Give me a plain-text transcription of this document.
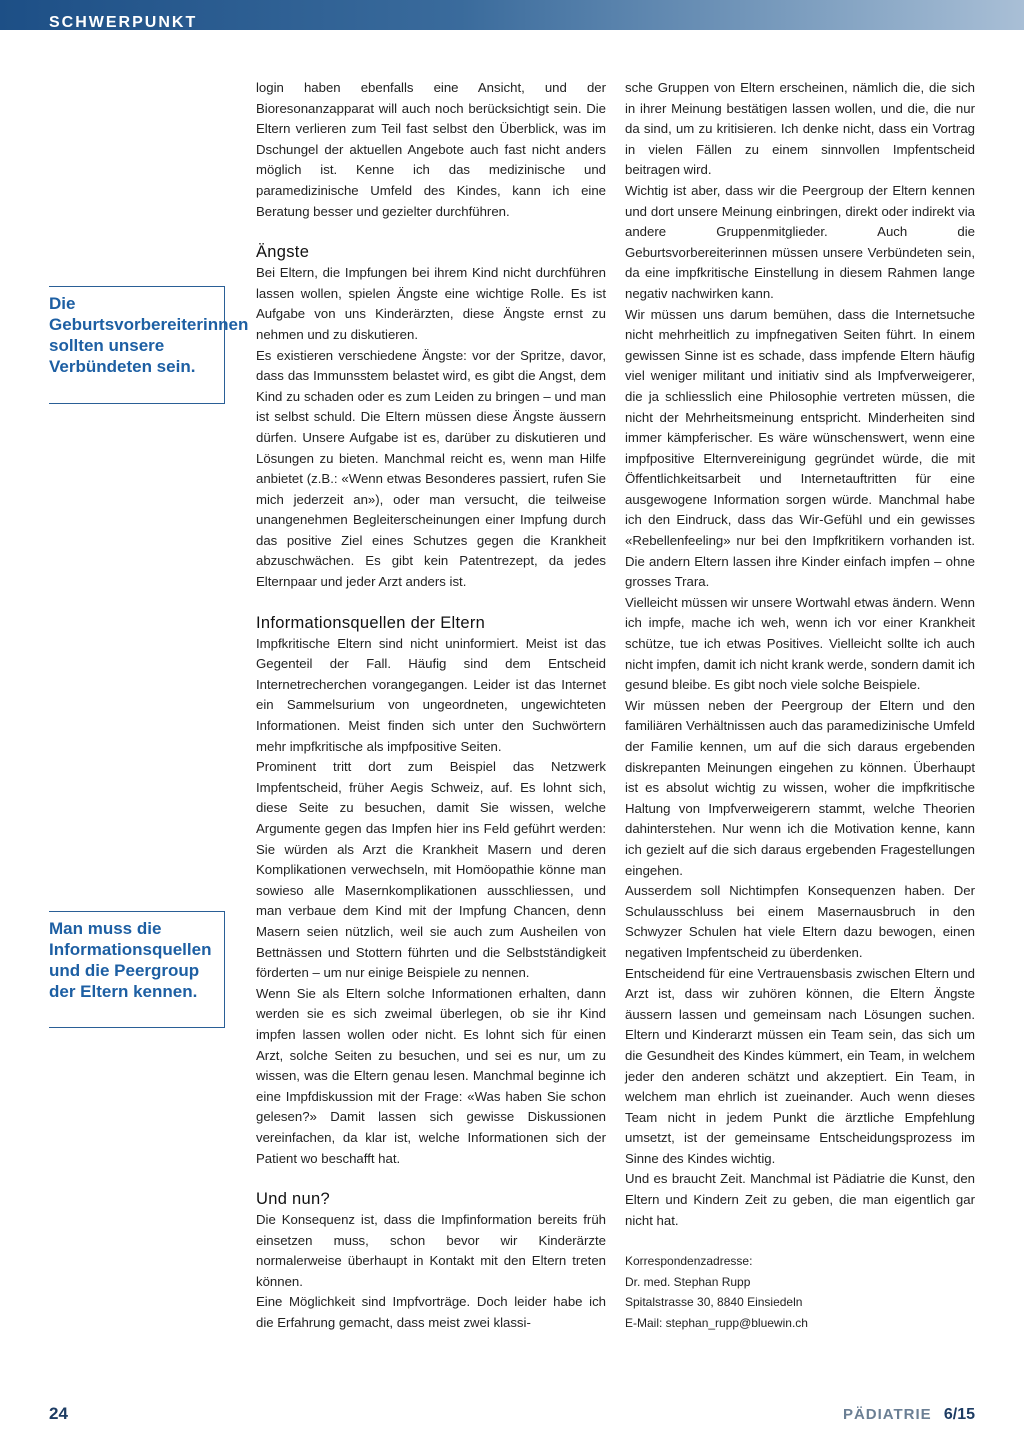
SCHWERPUNKT
Die Geburtsvorbereiterinnen sollten unsere Verbündeten sein.
Man muss die Informationsquellen und die Peergroup der Eltern kennen.

login haben ebenfalls eine Ansicht, und der Bioresonanzapparat will auch noch berücksichtigt sein. Die Eltern verlieren zum Teil fast selbst den Überblick, was im Dschungel der aktuellen Angebote auch fast nicht anders möglich ist. Kenne ich das medizinische und paramedizinische Umfeld des Kindes, kann ich eine Beratung besser und gezielter durchführen.

Ängste

Bei Eltern, die Impfungen bei ihrem Kind nicht durchführen lassen wollen, spielen Ängste eine wichtige Rolle. Es ist Aufgabe von uns Kinderärzten, diese Ängste ernst zu nehmen und zu diskutieren.

Es existieren verschiedene Ängste: vor der Spritze, davor, dass das Immunsstem belastet wird, es gibt die Angst, dem Kind zu schaden oder es zum Leiden zu bringen – und man ist selbst schuld. Die Eltern müssen diese Ängste äussern dürfen. Unsere Aufgabe ist es, darüber zu diskutieren und Lösungen zu bieten. Manchmal reicht es, wenn man Hilfe anbietet (z.B.: «Wenn etwas Besonderes passiert, rufen Sie mich jederzeit an»), oder man versucht, die teilweise unangenehmen Begleiterscheinungen einer Impfung durch das positive Ziel eines Schutzes gegen die Krankheit abzuschwächen. Es gibt kein Patentrezept, da jedes Elternpaar und jeder Arzt anders ist.

Informationsquellen der Eltern

Impfkritische Eltern sind nicht uninformiert. Meist ist das Gegenteil der Fall. Häufig sind dem Entscheid Internetrecherchen vorangegangen. Leider ist das Internet ein Sammelsurium von ungeordneten, ungewichteten Informationen. Meist finden sich unter den Suchwörtern mehr impfkritische als impfpositive Seiten.

Prominent tritt dort zum Beispiel das Netzwerk Impfentscheid, früher Aegis Schweiz, auf. Es lohnt sich, diese Seite zu besuchen, damit Sie wissen, welche Argumente gegen das Impfen hier ins Feld geführt werden: Sie würden als Arzt die Krankheit Masern und deren Komplikationen verwechseln, mit Homöopathie könne man sowieso alle Masernkomplikationen ausschliessen, und man verbaue dem Kind mit der Impfung Chancen, denn Masern seien nützlich, weil sie auch zum Ausheilen von Bettnässen und Stottern führten und die Selbstständigkeit förderten – um nur einige Beispiele zu nennen.

Wenn Sie als Eltern solche Informationen erhalten, dann werden sie es sich zweimal überlegen, ob sie ihr Kind impfen lassen wollen oder nicht. Es lohnt sich für einen Arzt, solche Seiten zu besuchen, und sei es nur, um zu wissen, was die Eltern genau lesen. Manchmal beginne ich eine Impfdiskussion mit der Frage: «Was haben Sie schon gelesen?» Damit lassen sich gewisse Diskussionen vereinfachen, da klar ist, welche Informationen sich der Patient wo beschafft hat.

Und nun?

Die Konsequenz ist, dass die Impfinformation bereits früh einsetzen muss, schon bevor wir Kinderärzte normalerweise überhaupt in Kontakt mit den Eltern treten können.

Eine Möglichkeit sind Impfvorträge. Doch leider habe ich die Erfahrung gemacht, dass meist zwei klassi-

sche Gruppen von Eltern erscheinen, nämlich die, die sich in ihrer Meinung bestätigen lassen wollen, und die, die nur da sind, um zu kritisieren. Ich denke nicht, dass ein Vortrag in vielen Fällen zu einem sinnvollen Impfentscheid beitragen wird.

Wichtig ist aber, dass wir die Peergroup der Eltern kennen und dort unsere Meinung einbringen, direkt oder indirekt via andere Gruppenmitglieder. Auch die Geburtsvorbereiterinnen müssen unsere Verbündeten sein, da eine impfkritische Einstellung in diesem Rahmen lange negativ nachwirken kann.

Wir müssen uns darum bemühen, dass die Internetsuche nicht mehrheitlich zu impfnegativen Seiten führt. In einem gewissen Sinne ist es schade, dass impfende Eltern häufig viel weniger militant und initiativ sind als Impfverweigerer, die ja schliesslich eine Philosophie vertreten müssen, die nicht der Mehrheitsmeinung entspricht. Minderheiten sind immer kämpferischer. Es wäre wünschenswert, wenn eine impfpositive Elternvereinigung gegründet würde, die mit Öffentlichkeitsarbeit und Internetauftritten für eine ausgewogene Information sorgen würde. Manchmal habe ich den Eindruck, dass das Wir-Gefühl und ein gewisses «Rebellenfeeling» nur bei den Impfkritikern vorhanden ist. Die andern Eltern lassen ihre Kinder einfach impfen – ohne grosses Trara.

Vielleicht müssen wir unsere Wortwahl etwas ändern. Wenn ich impfe, mache ich weh, wenn ich vor einer Krankheit schütze, tue ich etwas Positives. Vielleicht sollte ich auch nicht impfen, damit ich nicht krank werde, sondern damit ich gesund bleibe. Es gibt noch viele solche Beispiele.

Wir müssen neben der Peergroup der Eltern und den familiären Verhältnissen auch das paramedizinische Umfeld der Familie kennen, um auf die sich daraus ergebenden diskrepanten Meinungen eingehen zu können. Überhaupt ist es absolut wichtig zu wissen, woher die impfkritische Haltung von Impfverweigerern stammt, welche Theorien dahinterstehen. Nur wenn ich die Motivation kenne, kann ich gezielt auf die sich daraus ergebenden Fragestellungen eingehen.

Ausserdem soll Nichtimpfen Konsequenzen haben. Der Schulausschluss bei einem Masernausbruch in den Schwyzer Schulen hat viele Eltern dazu bewogen, einen negativen Impfentscheid zu überdenken.

Entscheidend für eine Vertrauensbasis zwischen Eltern und Arzt ist, dass wir zuhören können, die Eltern Ängste äussern lassen und gemeinsam nach Lösungen suchen. Eltern und Kinderarzt müssen ein Team sein, das sich um die Gesundheit des Kindes kümmert, ein Team, in welchem jeder den anderen schätzt und akzeptiert. Ein Team, in welchem man ehrlich ist zueinander. Auch wenn dieses Team nicht in jedem Punkt die ärztliche Empfehlung umsetzt, ist der gemeinsame Entscheidungsprozess im Sinne des Kindes wichtig.

Und es braucht Zeit. Manchmal ist Pädiatrie die Kunst, den Eltern und Kindern Zeit zu geben, die man eigentlich gar nicht hat.

Korrespondenzadresse:
Dr. med. Stephan Rupp
Spitalstrasse 30, 8840 Einsiedeln
E-Mail: stephan_rupp@bluewin.ch
24	PÄDIATRIE 6/15
